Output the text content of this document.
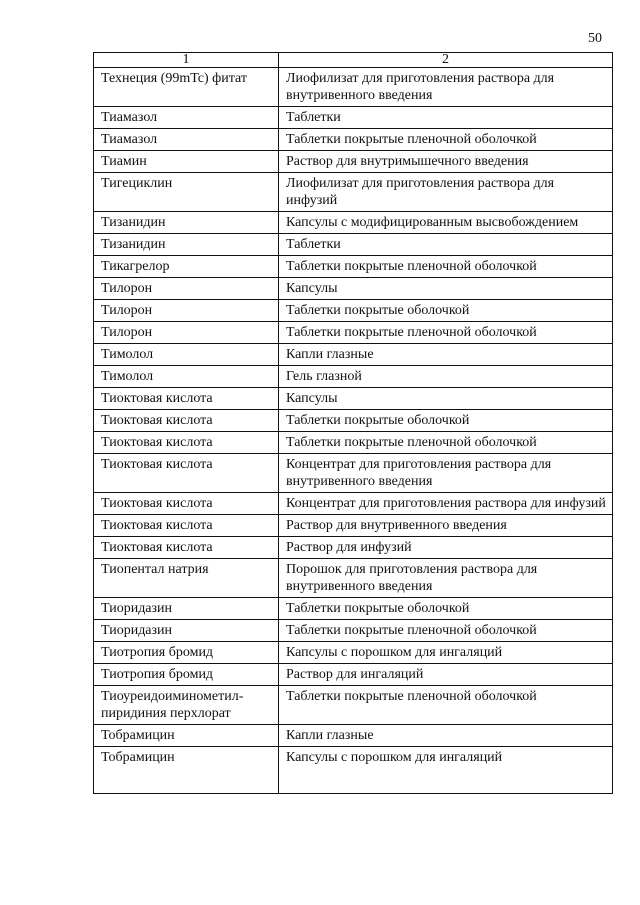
50
1	2
Технеция (99mTc) фитат	Лиофилизат для приготовления раствора для внутривенного введения
Тиамазол	Таблетки
Тиамазол	Таблетки покрытые пленочной оболочкой
Тиамин	Раствор для внутримышечного введения
Тигециклин	Лиофилизат для приготовления раствора для инфузий
Тизанидин	Капсулы с модифицированным высвобождением
Тизанидин	Таблетки
Тикагрелор	Таблетки покрытые пленочной оболочкой
Тилорон	Капсулы
Тилорон	Таблетки покрытые оболочкой
Тилорон	Таблетки покрытые пленочной оболочкой
Тимолол	Капли глазные
Тимолол	Гель глазной
Тиоктовая кислота	Капсулы
Тиоктовая кислота	Таблетки покрытые оболочкой
Тиоктовая кислота	Таблетки покрытые пленочной оболочкой
Тиоктовая кислота	Концентрат для приготовления раствора для внутривенного введения
Тиоктовая кислота	Концентрат для приготовления раствора для инфузий
Тиоктовая кислота	Раствор для внутривенного введения
Тиоктовая кислота	Раствор для инфузий
Тиопентал натрия	Порошок для приготовления раствора для внутривенного введения
Тиоридазин	Таблетки покрытые оболочкой
Тиоридазин	Таблетки покрытые пленочной оболочкой
Тиотропия бромид	Капсулы с порошком для ингаляций
Тиотропия бромид	Раствор для ингаляций
Тиоуреидоиминометил-пиридиния перхлорат	Таблетки покрытые пленочной оболочкой
Тобрамицин	Капли глазные
Тобрамицин	Капсулы с порошком для ингаляций
